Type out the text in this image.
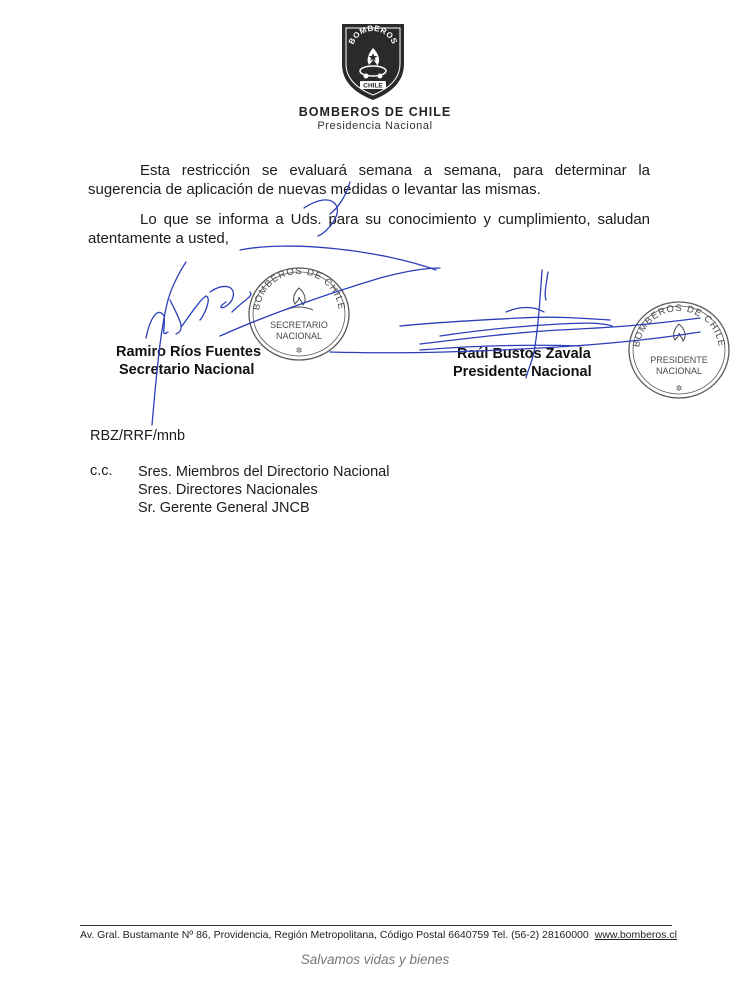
BOMBEROS
CHILE
BOMBEROS DE CHILE
Presidencia Nacional

Esta restricción se evaluará semana a semana, para determinar la sugerencia de aplicación de nuevas medidas o levantar las mismas.

Lo que se informa a Uds. para su conocimiento y cumplimiento, saludan atentamente a usted,

BOMBEROS DE CHILE
SECRETARIO
NACIONAL
✲
BOMBEROS DE CHILE
PRESIDENTE
NACIONAL
✲
Ramiro Ríos Fuentes
Secretario Nacional
Raúl Bustos Zavala
Presidente Nacional
RBZ/RRF/mnb
c.c. Sres. Miembros del Directorio Nacional
Sres. Directores Nacionales
Sr. Gerente General JNCB
Av. Gral. Bustamante Nº 86, Providencia, Región Metropolitana, Código Postal 6640759 Tel. (56-2) 28160000 www.bomberos.cl
Salvamos vidas y bienes
